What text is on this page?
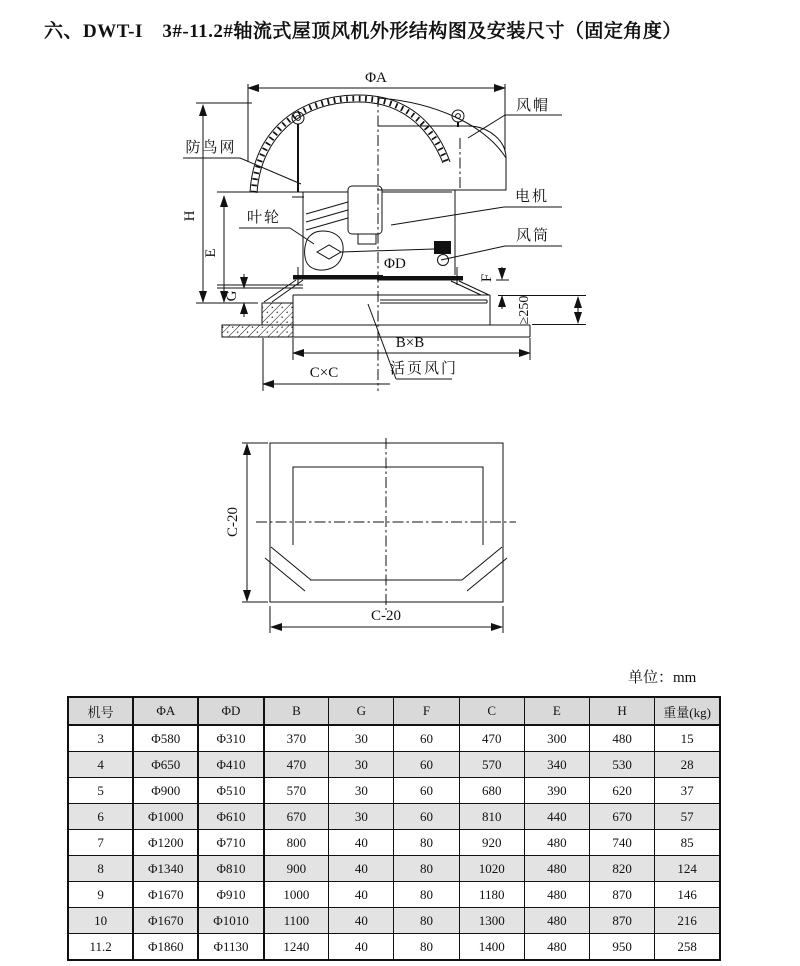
六、DWT-I　3#-11.2#轴流式屋顶风机外形结构图及安装尺寸（固定角度）
ΦA
H
E
G
F
≥250
B×B
C×C
ΦD
风帽
防鸟网
电机
风筒
叶轮
活页风门
C-20
C-20
单位：mm
机号	ΦA	ΦD	B	G	F	C	E	H	重量(kg)
3	Φ580	Φ310	370	30	60	470	300	480	15
4	Φ650	Φ410	470	30	60	570	340	530	28
5	Φ900	Φ510	570	30	60	680	390	620	37
6	Φ1000	Φ610	670	30	60	810	440	670	57
7	Φ1200	Φ710	800	40	80	920	480	740	85
8	Φ1340	Φ810	900	40	80	1020	480	820	124
9	Φ1670	Φ910	1000	40	80	1180	480	870	146
10	Φ1670	Φ1010	1100	40	80	1300	480	870	216
11.2	Φ1860	Φ1130	1240	40	80	1400	480	950	258
